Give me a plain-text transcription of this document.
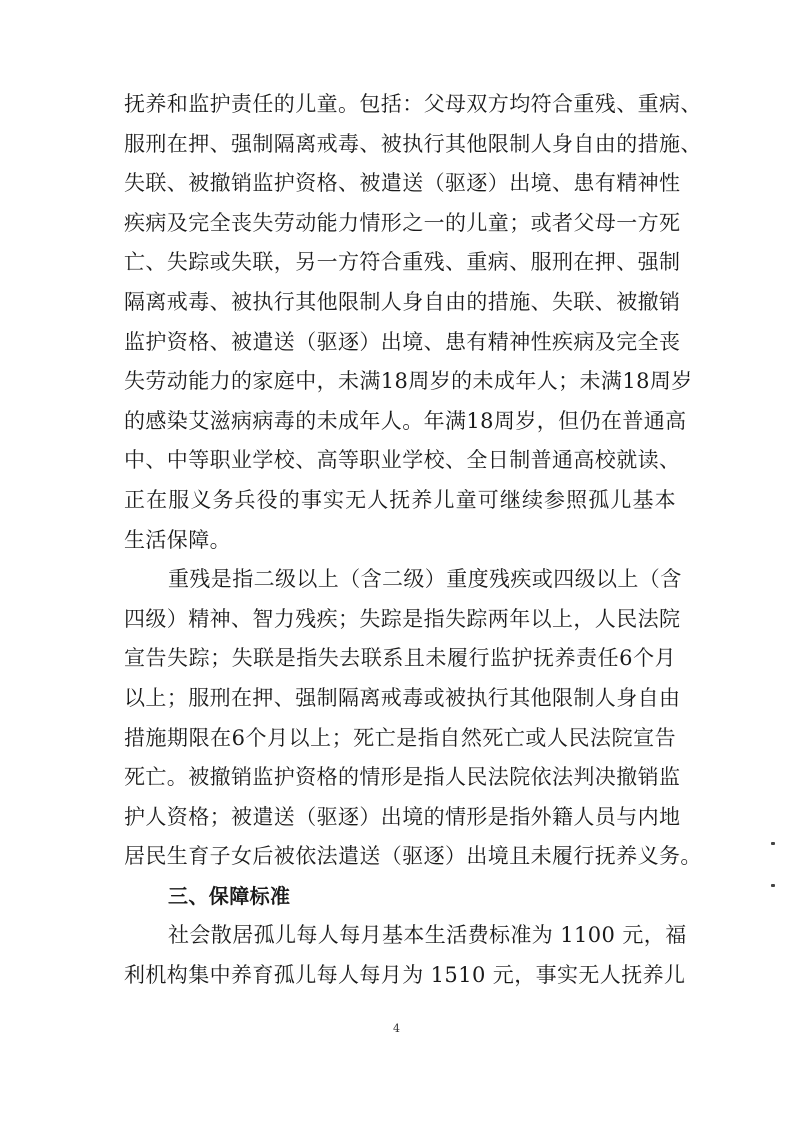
抚养和监护责任的儿童。包括：父母双方均符合重残、重病、
服刑在押、强制隔离戒毒、被执行其他限制人身自由的措施、
失联、被撤销监护资格、被遣送（驱逐）出境、患有精神性
疾病及完全丧失劳动能力情形之一的儿童；或者父母一方死
亡、失踪或失联，另一方符合重残、重病、服刑在押、强制
隔离戒毒、被执行其他限制人身自由的措施、失联、被撤销
监护资格、被遣送（驱逐）出境、患有精神性疾病及完全丧
失劳动能力的家庭中，未满18周岁的未成年人；未满18周岁
的感染艾滋病病毒的未成年人。年满18周岁，但仍在普通高
中、中等职业学校、高等职业学校、全日制普通高校就读、
正在服义务兵役的事实无人抚养儿童可继续参照孤儿基本
生活保障。
重残是指二级以上（含二级）重度残疾或四级以上（含
四级）精神、智力残疾；失踪是指失踪两年以上，人民法院
宣告失踪；失联是指失去联系且未履行监护抚养责任6个月
以上；服刑在押、强制隔离戒毒或被执行其他限制人身自由
措施期限在6个月以上；死亡是指自然死亡或人民法院宣告
死亡。被撤销监护资格的情形是指人民法院依法判决撤销监
护人资格；被遣送（驱逐）出境的情形是指外籍人员与内地
居民生育子女后被依法遣送（驱逐）出境且未履行抚养义务。
三、保障标准
社会散居孤儿每人每月基本生活费标准为 1100 元，福
利机构集中养育孤儿每人每月为 1510 元，事实无人抚养儿
4
